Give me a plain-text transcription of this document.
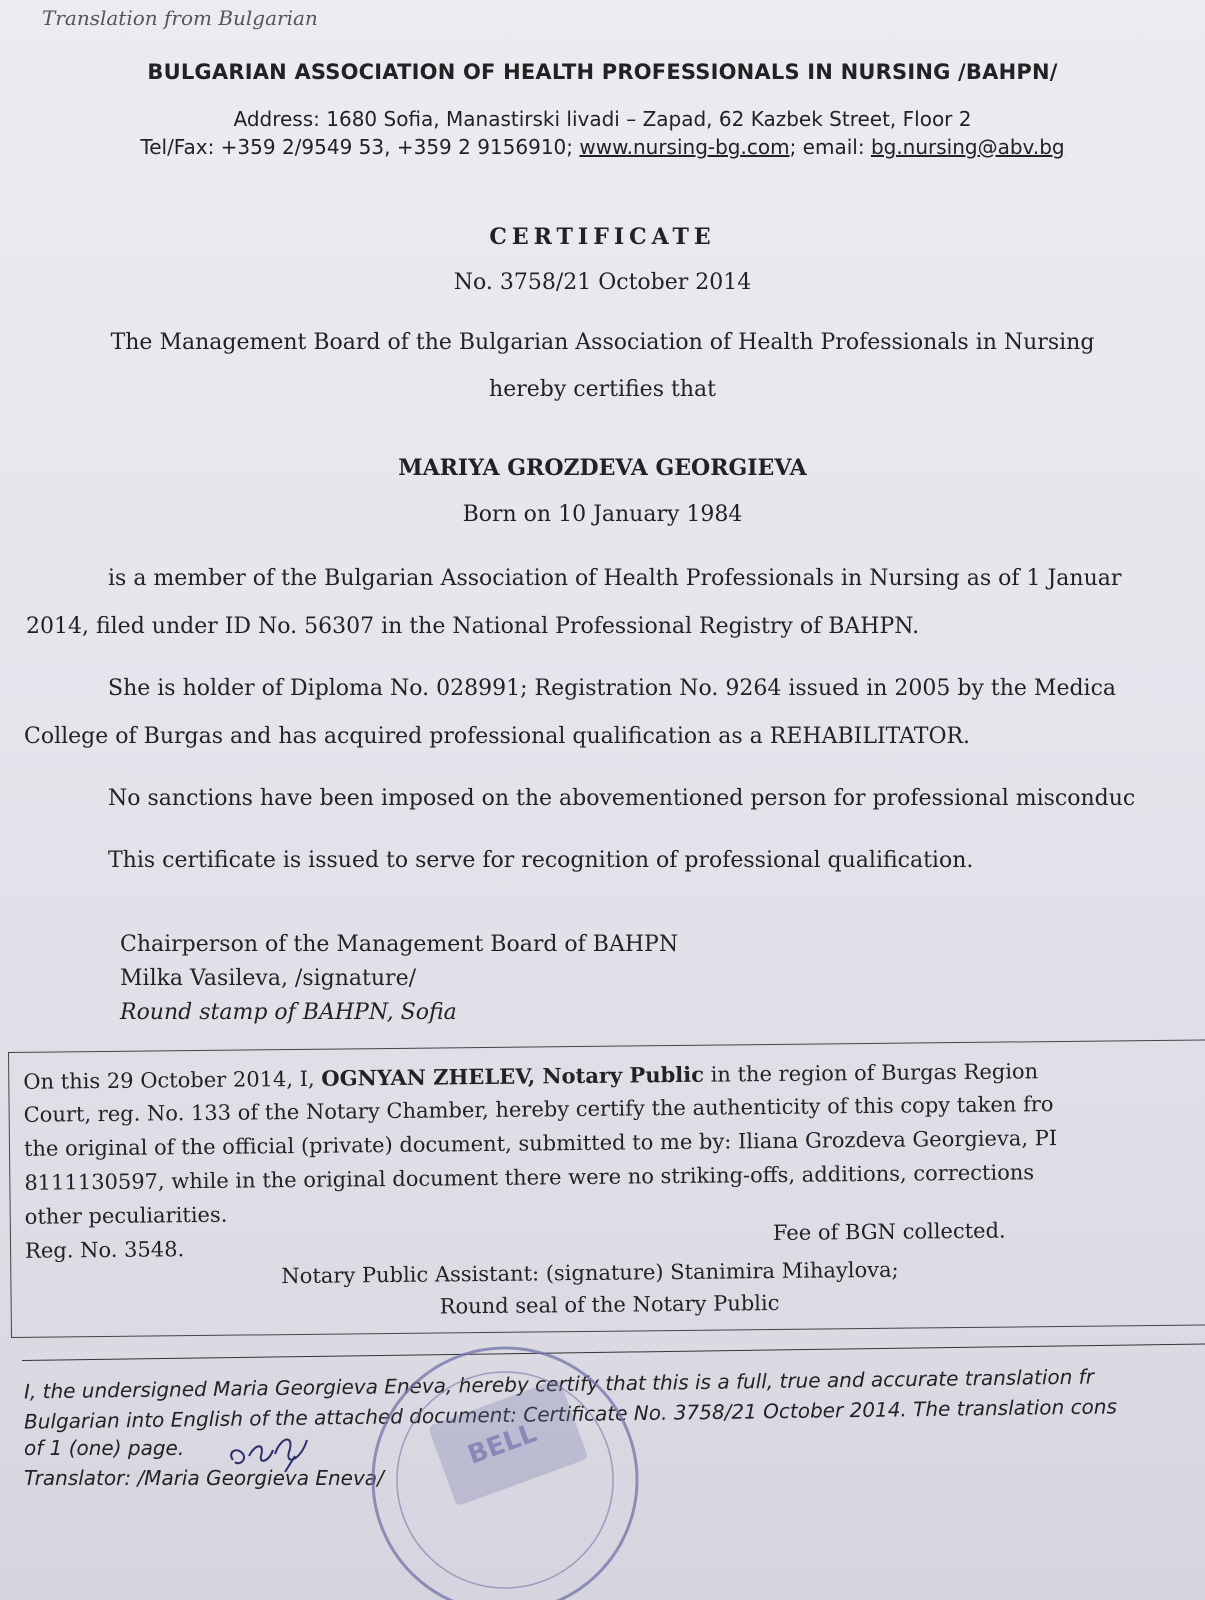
Translation from Bulgarian
BULGARIAN ASSOCIATION OF HEALTH PROFESSIONALS IN NURSING /BAHPN/
Address: 1680 Sofia, Manastirski livadi – Zapad, 62 Kazbek Street, Floor 2
Tel/Fax: +359 2/9549 53, +359 2 9156910; www.nursing-bg.com; email: bg.nursing@abv.bg
CERTIFICATE
No. 3758/21 October 2014
The Management Board of the Bulgarian Association of Health Professionals in Nursing
hereby certifies that
MARIYA GROZDEVA GEORGIEVA
Born on 10 January 1984
is a member of the Bulgarian Association of Health Professionals in Nursing as of 1 Januar
2014, filed under ID No. 56307 in the National Professional Registry of BAHPN.
She is holder of Diploma No. 028991; Registration No. 9264 issued in 2005 by the Medica
College of Burgas and has acquired professional qualification as a REHABILITATOR.
No sanctions have been imposed on the abovementioned person for professional misconduc
This certificate is issued to serve for recognition of professional qualification.
Chairperson of the Management Board of BAHPN
Milka Vasileva, /signature/
Round stamp of BAHPN, Sofia
On this 29 October 2014, I, OGNYAN ZHELEV, Notary Public in the region of Burgas Region
Court, reg. No. 133 of the Notary Chamber, hereby certify the authenticity of this copy taken fro
the original of the official (private) document, submitted to me by: Iliana Grozdeva Georgieva, PI
8111130597, while in the original document there were no striking-offs, additions, corrections
other peculiarities.
Reg. No. 3548.
Fee of BGN collected.
Notary Public Assistant: (signature) Stanimira Mihaylova;
Round seal of the Notary Public
I, the undersigned Maria Georgieva Eneva, hereby certify that this is a full, true and accurate translation fr
Bulgarian into English of the attached document: Certificate No. 3758/21 October 2014. The translation cons
of 1 (one) page.
Translator: /Maria Georgieva Eneva/
BELL
